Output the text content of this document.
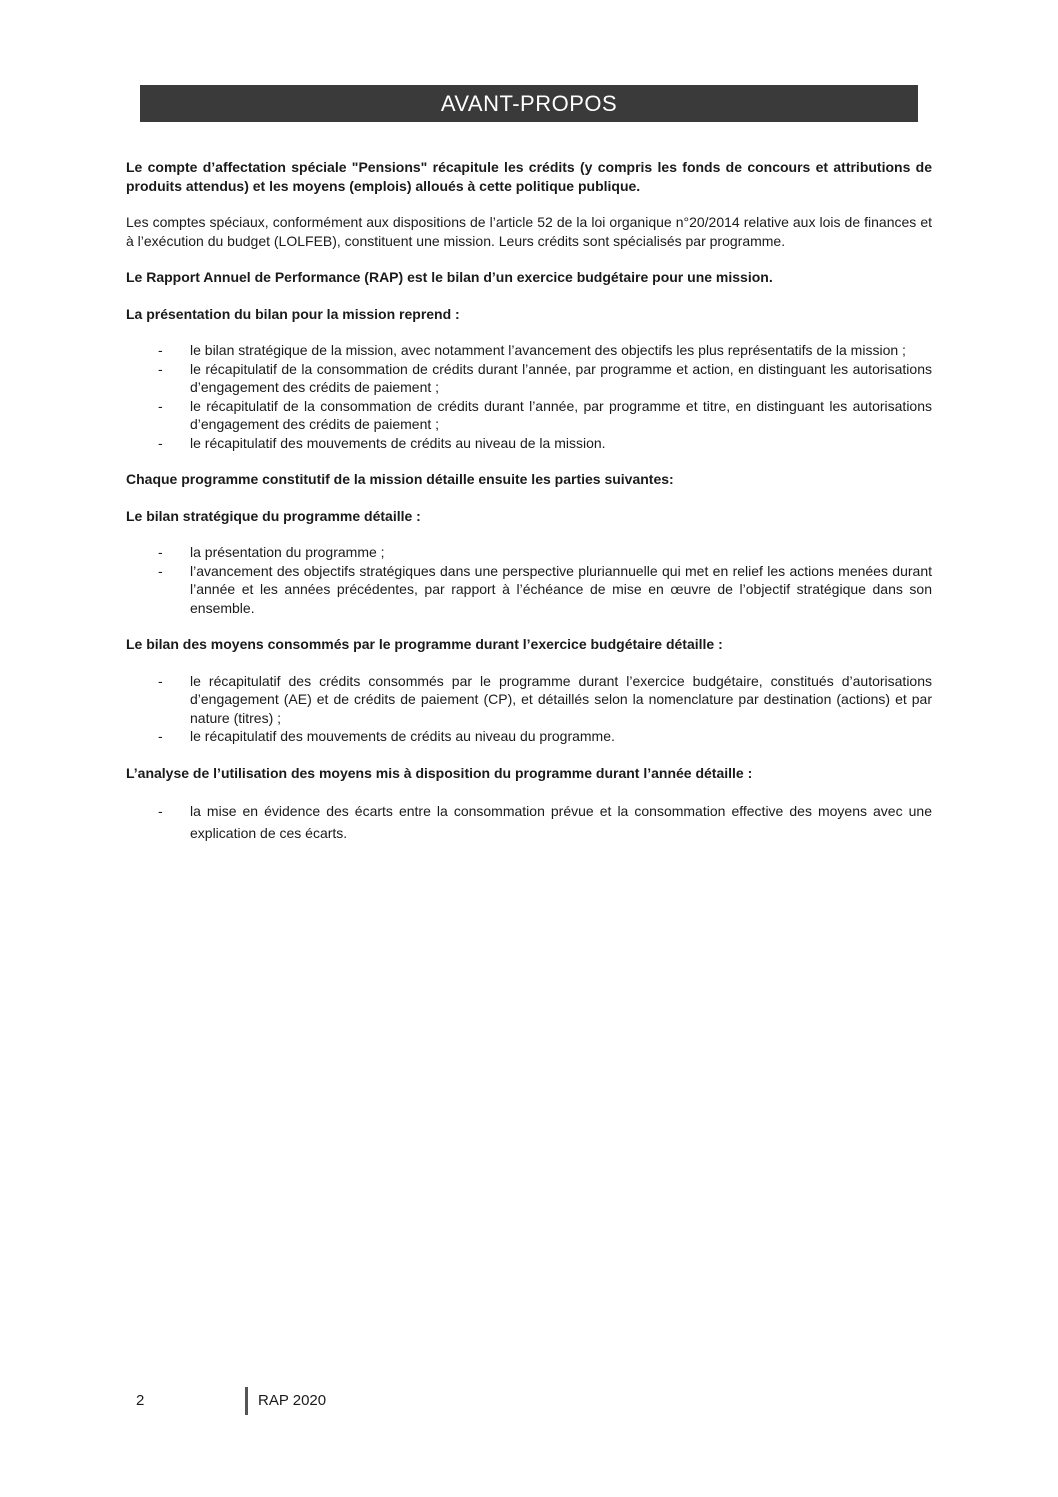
AVANT-PROPOS

Le compte d’affectation spéciale "Pensions" récapitule les crédits (y compris les fonds de concours et attributions de produits attendus) et les moyens (emplois) alloués à cette politique publique.

Les comptes spéciaux, conformément aux dispositions de l’article 52 de la loi organique n°20/2014 relative aux lois de finances et à l’exécution du budget (LOLFEB), constituent une mission. Leurs crédits sont spécialisés par programme.

Le Rapport Annuel de Performance (RAP) est le bilan d’un exercice budgétaire pour une mission.

La présentation du bilan pour la mission reprend :

- le bilan stratégique de la mission, avec notamment l’avancement des objectifs les plus représentatifs de la mission ;
- le récapitulatif de la consommation de crédits durant l’année, par programme et action, en distinguant les autorisations d’engagement des crédits de paiement ;
- le récapitulatif de la consommation de crédits durant l’année, par programme et titre, en distinguant les autorisations d’engagement des crédits de paiement ;
- le récapitulatif des mouvements de crédits au niveau de la mission.

Chaque programme constitutif de la mission détaille ensuite les parties suivantes:

Le bilan stratégique du programme détaille :

- la présentation du programme ;
- l’avancement des objectifs stratégiques dans une perspective pluriannuelle qui met en relief les actions menées durant l’année et les années précédentes, par rapport à l’échéance de mise en œuvre de l’objectif stratégique dans son ensemble.

Le bilan des moyens consommés par le programme durant l’exercice budgétaire détaille :

- le récapitulatif des crédits consommés par le programme durant l’exercice budgétaire, constitués d’autorisations d’engagement (AE) et de crédits de paiement (CP), et détaillés selon la nomenclature par destination (actions) et par nature (titres) ;
- le récapitulatif des mouvements de crédits au niveau du programme.

L’analyse de l’utilisation des moyens mis à disposition du programme durant l’année détaille :

- la mise en évidence des écarts entre la consommation prévue et la consommation effective des moyens avec une explication de ces écarts.
2	RAP 2020
